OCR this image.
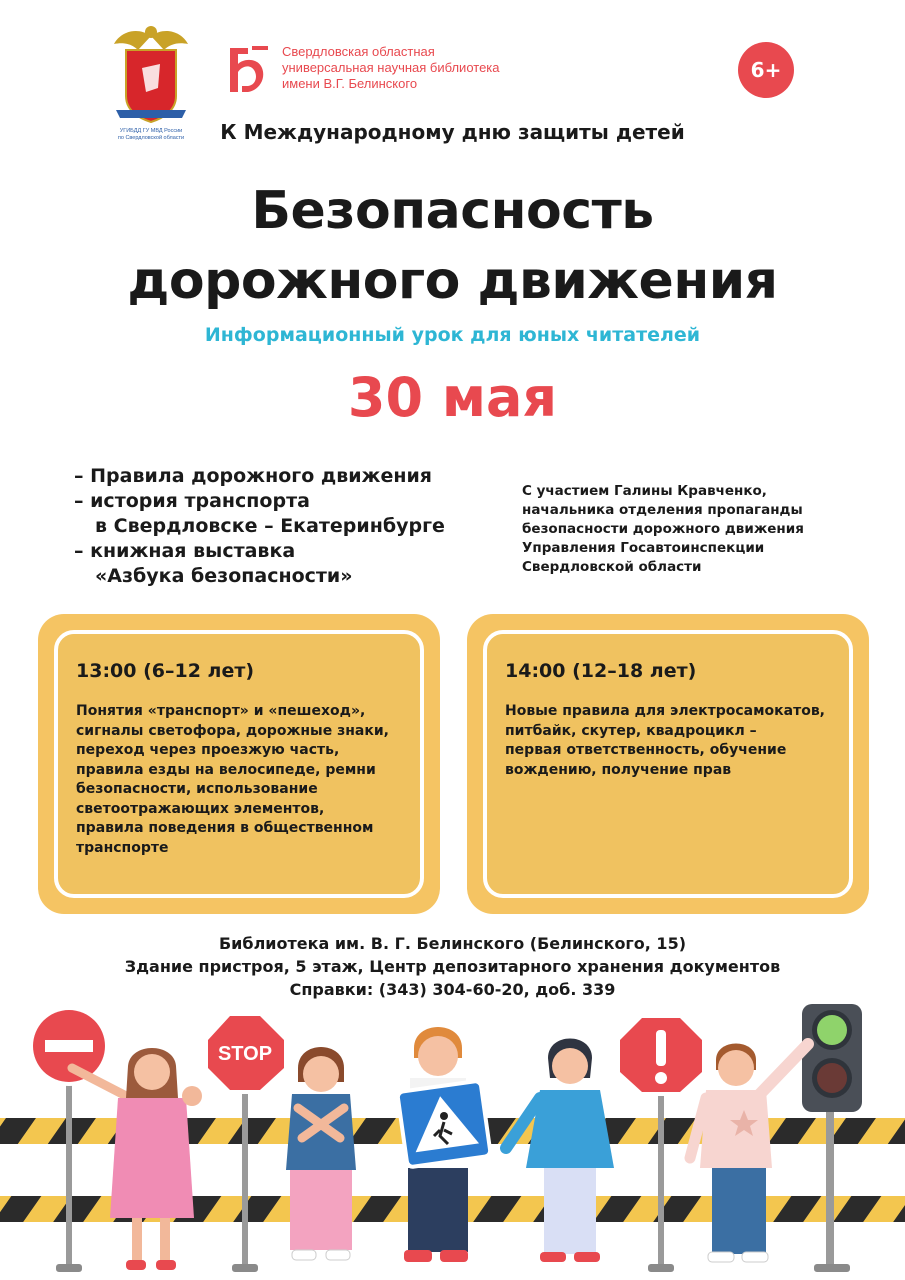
УГИБДД ГУ МВД России
по Свердловской области
Свердловская областная
универсальная научная библиотека
имени В.Г. Белинского
6+
К Международному дню защиты детей
Безопасность
дорожного движения
Информационный урок для юных читателей
30 мая
– Правила дорожного движения
– история транспорта
в Свердловске – Екатеринбурге
– книжная выставка
«Азбука безопасности»
С участием Галины Кравченко,
начальника отделения пропаганды
безопасности дорожного движения
Управления Госавтоинспекции
Свердловской области
13:00 (6–12 лет)
Понятия «транспорт» и «пешеход»,
сигналы светофора, дорожные знаки,
переход через проезжую часть,
правила езды на велосипеде, ремни
безопасности, использование
светоотражающих элементов,
правила поведения в общественном
транспорте
14:00 (12–18 лет)
Новые правила для электросамокатов,
питбайк, скутер, квадроцикл –
первая ответственность, обучение
вождению, получение прав
Библиотека им. В. Г. Белинского (Белинского, 15)
Здание пристроя, 5 этаж, Центр депозитарного хранения документов
Справки: (343) 304-60-20, доб. 339
STOP
